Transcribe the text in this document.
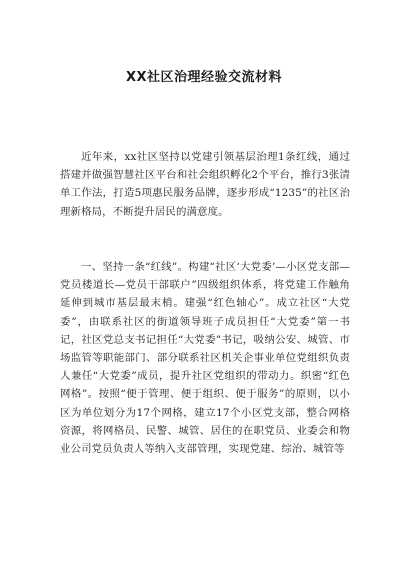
XX社区治理经验交流材料

近年来，xx社区坚持以党建引领基层治理1条红线，通过搭建并做强智慧社区平台和社会组织孵化2个平台，推行3张清单工作法，打造5项惠民服务品牌，逐步形成“1235”的社区治理新格局，不断提升居民的满意度。

一、坚持一条“红线”。构建“社区‘大党委’—小区党支部—党员楼道长—党员干部联户”四级组织体系，将党建工作触角延伸到城市基层最末梢。建强“红色轴心”。成立社区“大党委”，由联系社区的街道领导班子成员担任“大党委”第一书记，社区党总支书记担任“大党委”书记，吸纳公安、城管、市场监管等职能部门、部分联系社区机关企事业单位党组织负责人兼任“大党委”成员，提升社区党组织的带动力。织密“红色网格”。按照“便于管理、便于组织、便于服务”的原则，以小区为单位划分为17个网格，建立17个小区党支部，整合网格资源，将网格员、民警、城管、居住的在职党员、业委会和物业公司党员负责人等纳入支部管理，实现党建、综治、城管等
